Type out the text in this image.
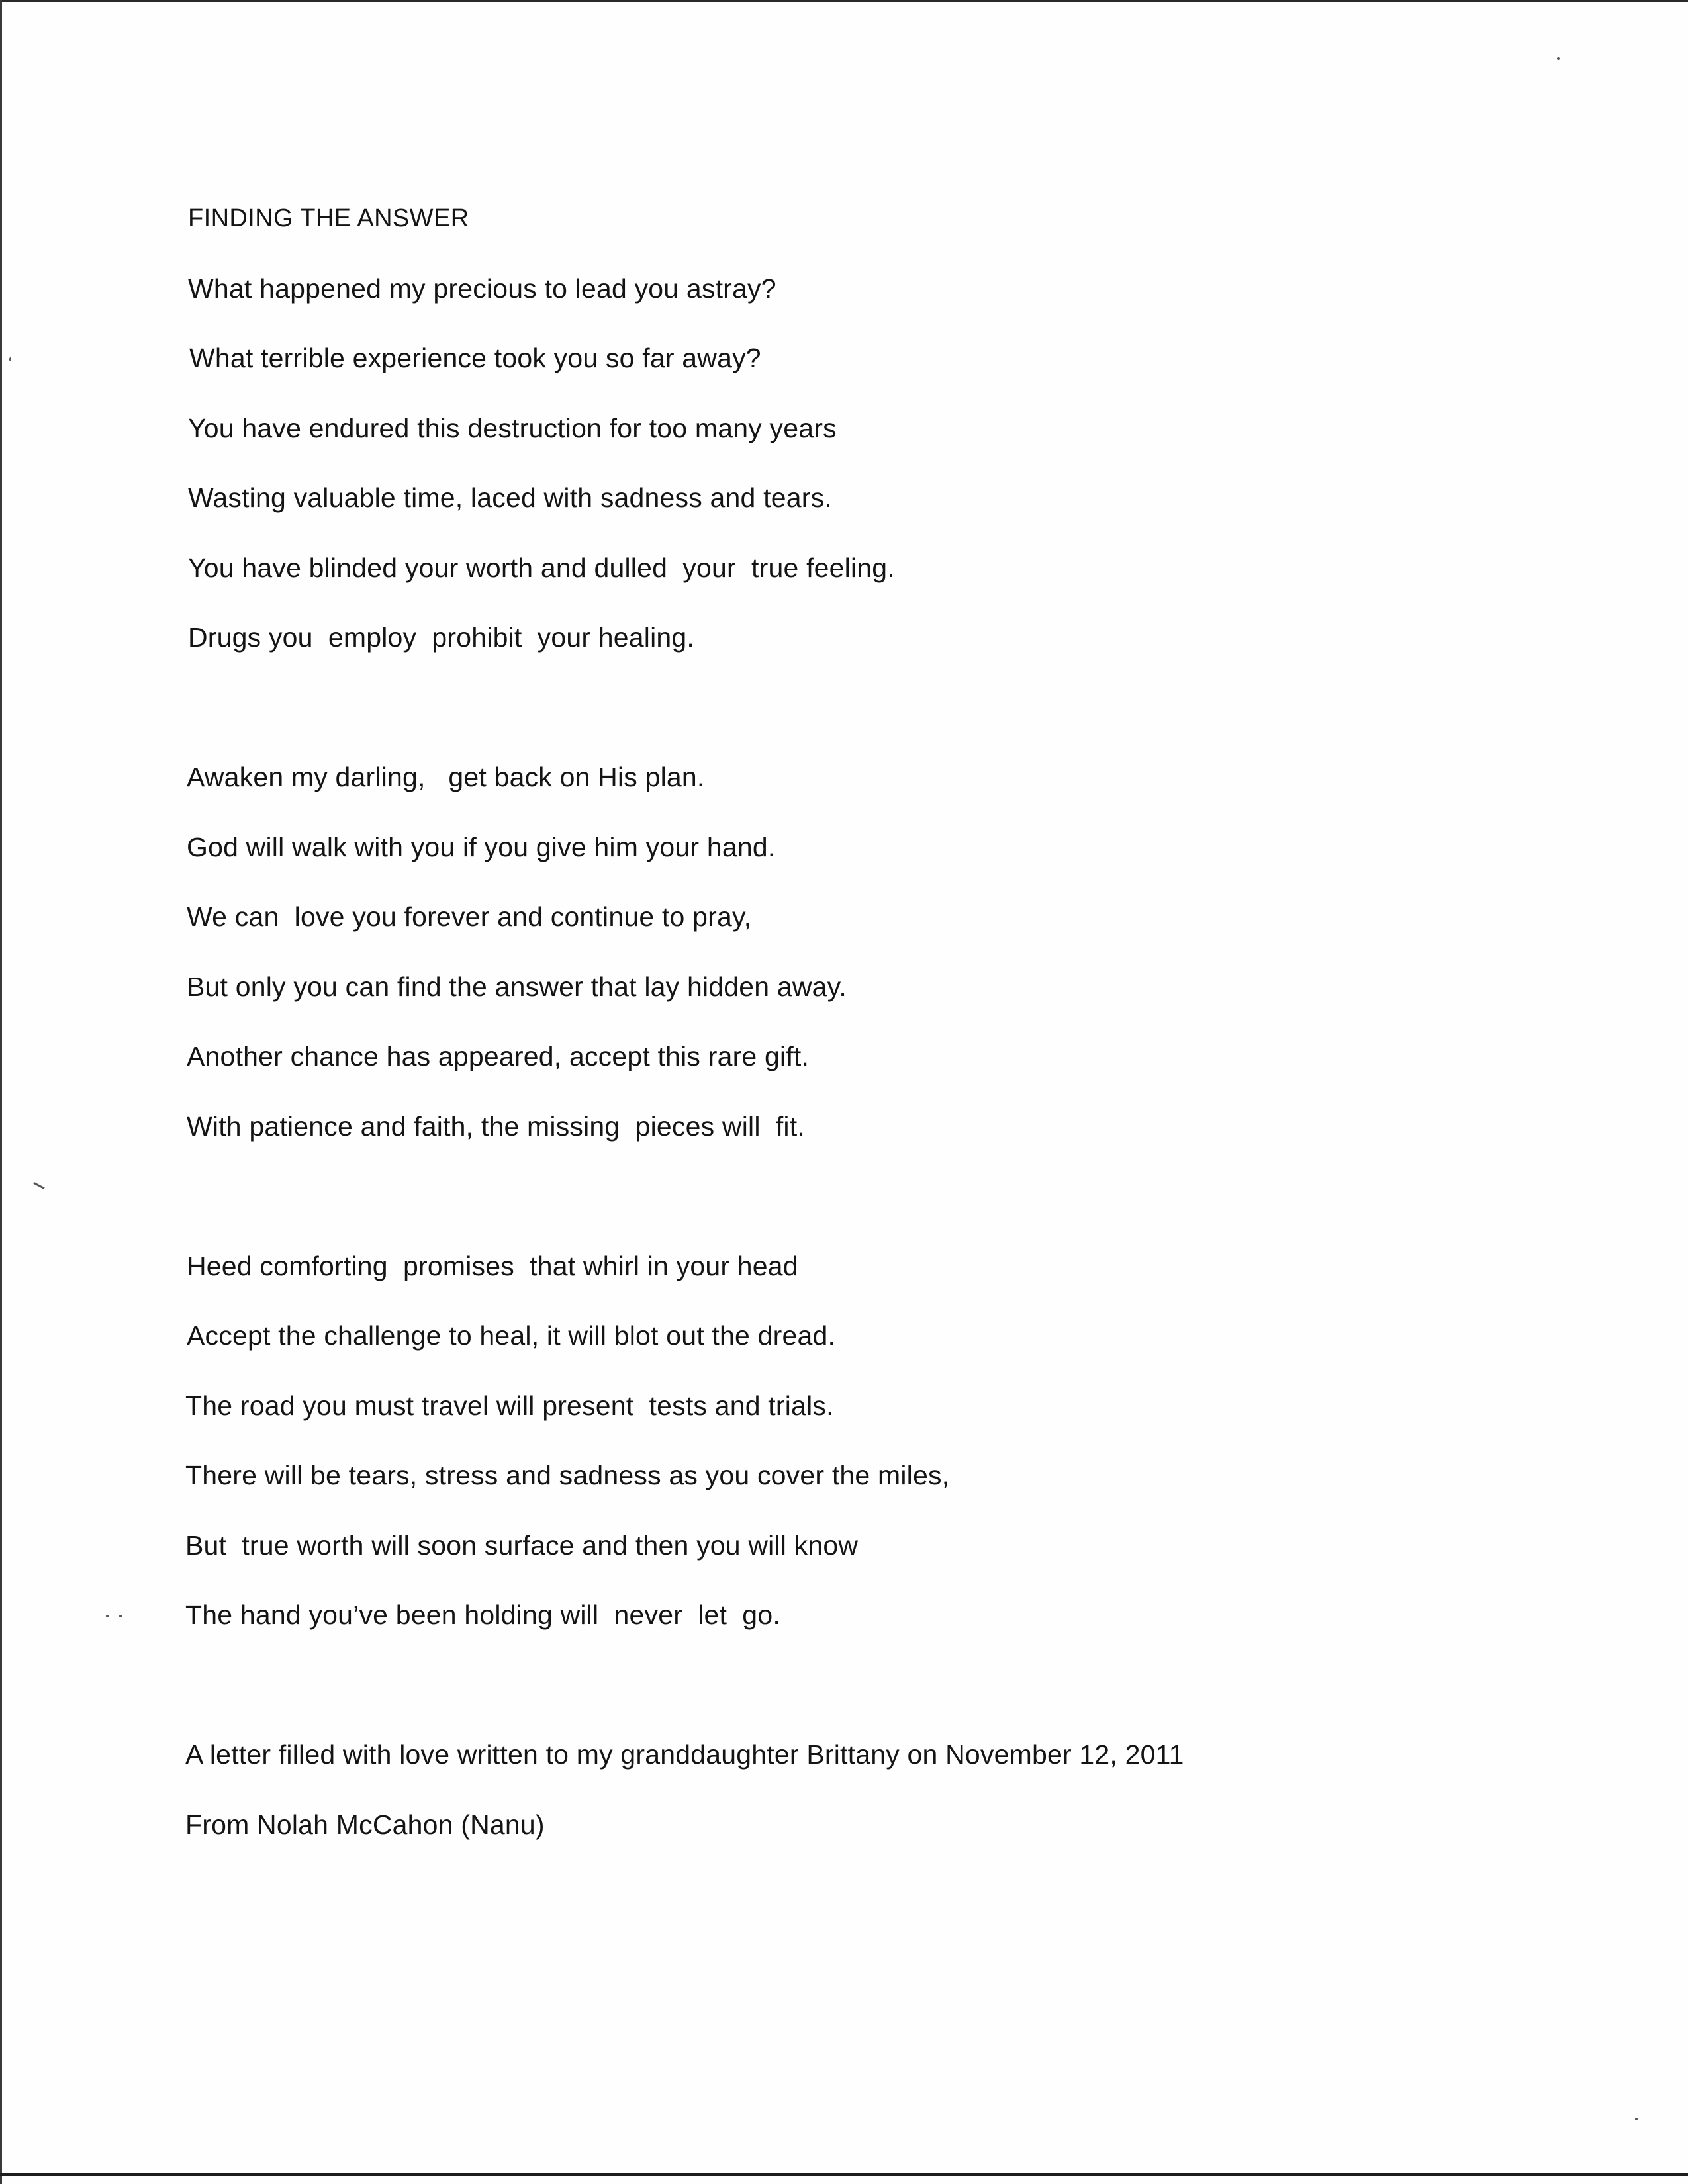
FINDING THE ANSWER
What happened my precious to lead you astray?
What terrible experience took you so far away?
You have endured this destruction for too many years
Wasting valuable time, laced with sadness and tears.
You have blinded your worth and dulled  your  true feeling.
Drugs you  employ  prohibit  your healing.
Awaken my darling,   get back on His plan.
God will walk with you if you give him your hand.
We can  love you forever and continue to pray,
But only you can find the answer that lay hidden away.
Another chance has appeared, accept this rare gift.
With patience and faith, the missing  pieces will  fit.
Heed comforting  promises  that whirl in your head
Accept the challenge to heal, it will blot out the dread.
The road you must travel will present  tests and trials.
There will be tears, stress and sadness as you cover the miles,
But  true worth will soon surface and then you will know
The hand you’ve been holding will  never  let  go.
A letter filled with love written to my granddaughter Brittany on November 12, 2011
From Nolah McCahon (Nanu)
